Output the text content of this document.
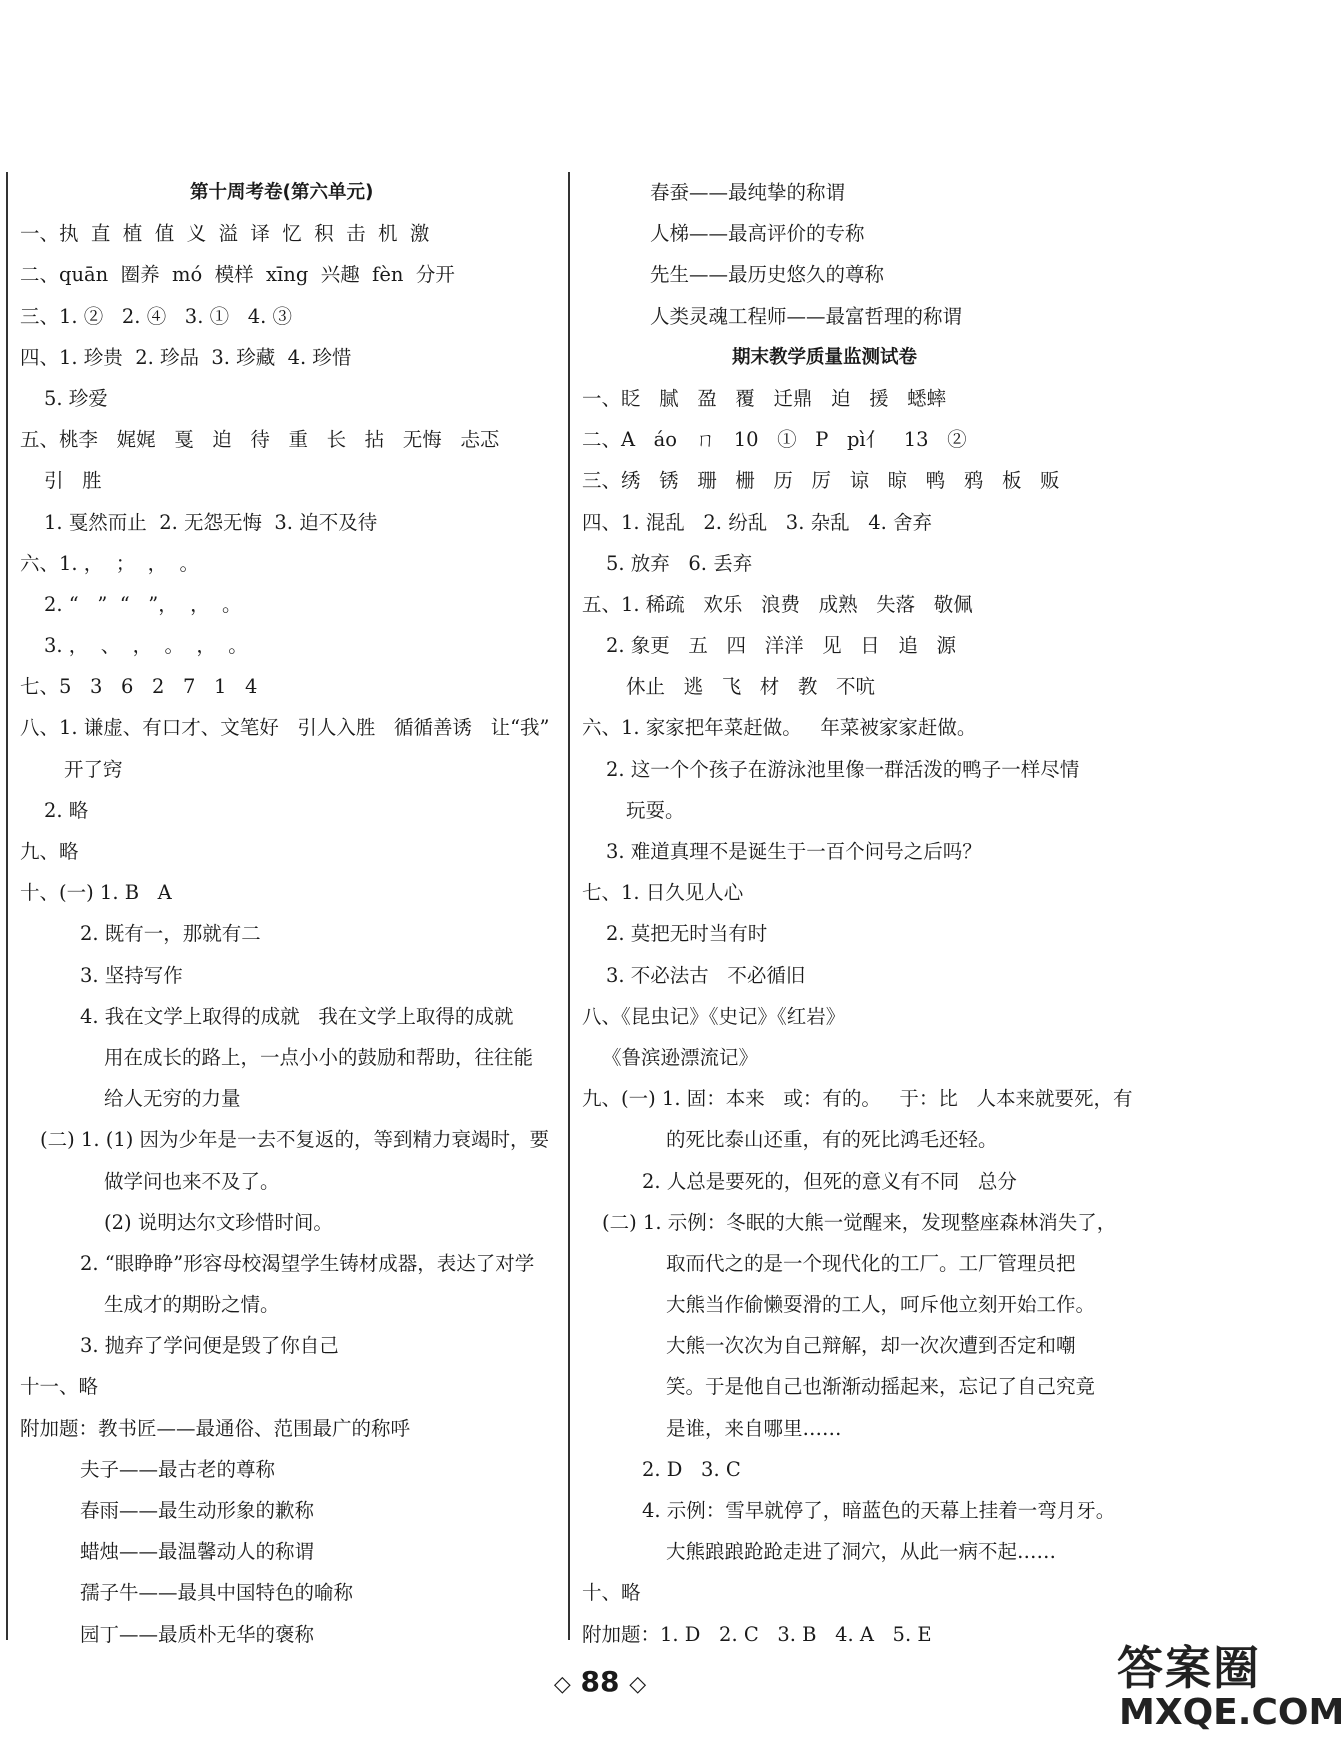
第十周考卷(第六单元)
一、执  直  植  值  义  溢  译  忆  积  击  机  激
二、quān  圈养  mó  模样  xīng  兴趣  fèn  分开
三、1. ②   2. ④   3. ①   4. ③
四、1. 珍贵  2. 珍品  3. 珍藏  4. 珍惜
5. 珍爱
五、桃李   娓娓   戛   迫   待   重   长   拈   无悔   忐忑
引   胜
1. 戛然而止  2. 无怨无悔  3. 迫不及待
六、1. ，  ；  ，  。
2. “   ”  “   ”，  ，  。
3. ，  、  ，  。  ，  。
七、5   3   6   2   7   1   4
八、1. 谦虚、有口才、文笔好   引人入胜   循循善诱   让“我”
开了窍
2. 略
九、略
十、(一) 1. B   A
2. 既有一，那就有二
3. 坚持写作
4. 我在文学上取得的成就   我在文学上取得的成就
用在成长的路上，一点小小的鼓励和帮助，往往能
给人无穷的力量
(二) 1. (1) 因为少年是一去不复返的，等到精力衰竭时，要
做学问也来不及了。
(2) 说明达尔文珍惜时间。
2. “眼睁睁”形容母校渴望学生铸材成器，表达了对学
生成才的期盼之情。
3. 抛弃了学问便是毁了你自己
十一、略
附加题：教书匠——最通俗、范围最广的称呼
夫子——最古老的尊称
春雨——最生动形象的歉称
蜡烛——最温馨动人的称谓
孺子牛——最具中国特色的喻称
园丁——最质朴无华的褒称
春蚕——最纯挚的称谓
人梯——最高评价的专称
先生——最历史悠久的尊称
人类灵魂工程师——最富哲理的称谓
期末教学质量监测试卷
一、眨   腻   盈   覆   迁鼎   迫   援   蟋蟀
二、A   áo   ㄇ   10   ①   P   pì亻   13   ②
三、绣   锈   珊   栅   历   厉   谅   晾   鸭   鸦   板   贩
四、1. 混乱   2. 纷乱   3. 杂乱   4. 舍弃
5. 放弃   6. 丢弃
五、1. 稀疏   欢乐   浪费   成熟   失落   敬佩
2. 象更   五   四   洋洋   见   日   追   源
休止   逃   飞   材   教   不吭
六、1. 家家把年菜赶做。   年菜被家家赶做。
2. 这一个个孩子在游泳池里像一群活泼的鸭子一样尽情
玩耍。
3. 难道真理不是诞生于一百个问号之后吗？
七、1. 日久见人心
2. 莫把无时当有时
3. 不必法古   不必循旧
八、《昆虫记》《史记》《红岩》
《鲁滨逊漂流记》
九、(一) 1. 固：本来   或：有的。   于：比   人本来就要死，有
的死比泰山还重，有的死比鸿毛还轻。
2. 人总是要死的，但死的意义有不同   总分
(二) 1. 示例：冬眠的大熊一觉醒来，发现整座森林消失了，
取而代之的是一个现代化的工厂。工厂管理员把
大熊当作偷懒耍滑的工人，呵斥他立刻开始工作。
大熊一次次为自己辩解，却一次次遭到否定和嘲
笑。于是他自己也渐渐动摇起来，忘记了自己究竟
是谁，来自哪里……
2. D   3. C
4. 示例：雪早就停了，暗蓝色的天幕上挂着一弯月牙。
大熊踉踉跄跄走进了洞穴，从此一病不起……
十、略
附加题：1. D   2. C   3. B   4. A   5. E
◇ 88 ◇	答案圈
MXQE.COM
